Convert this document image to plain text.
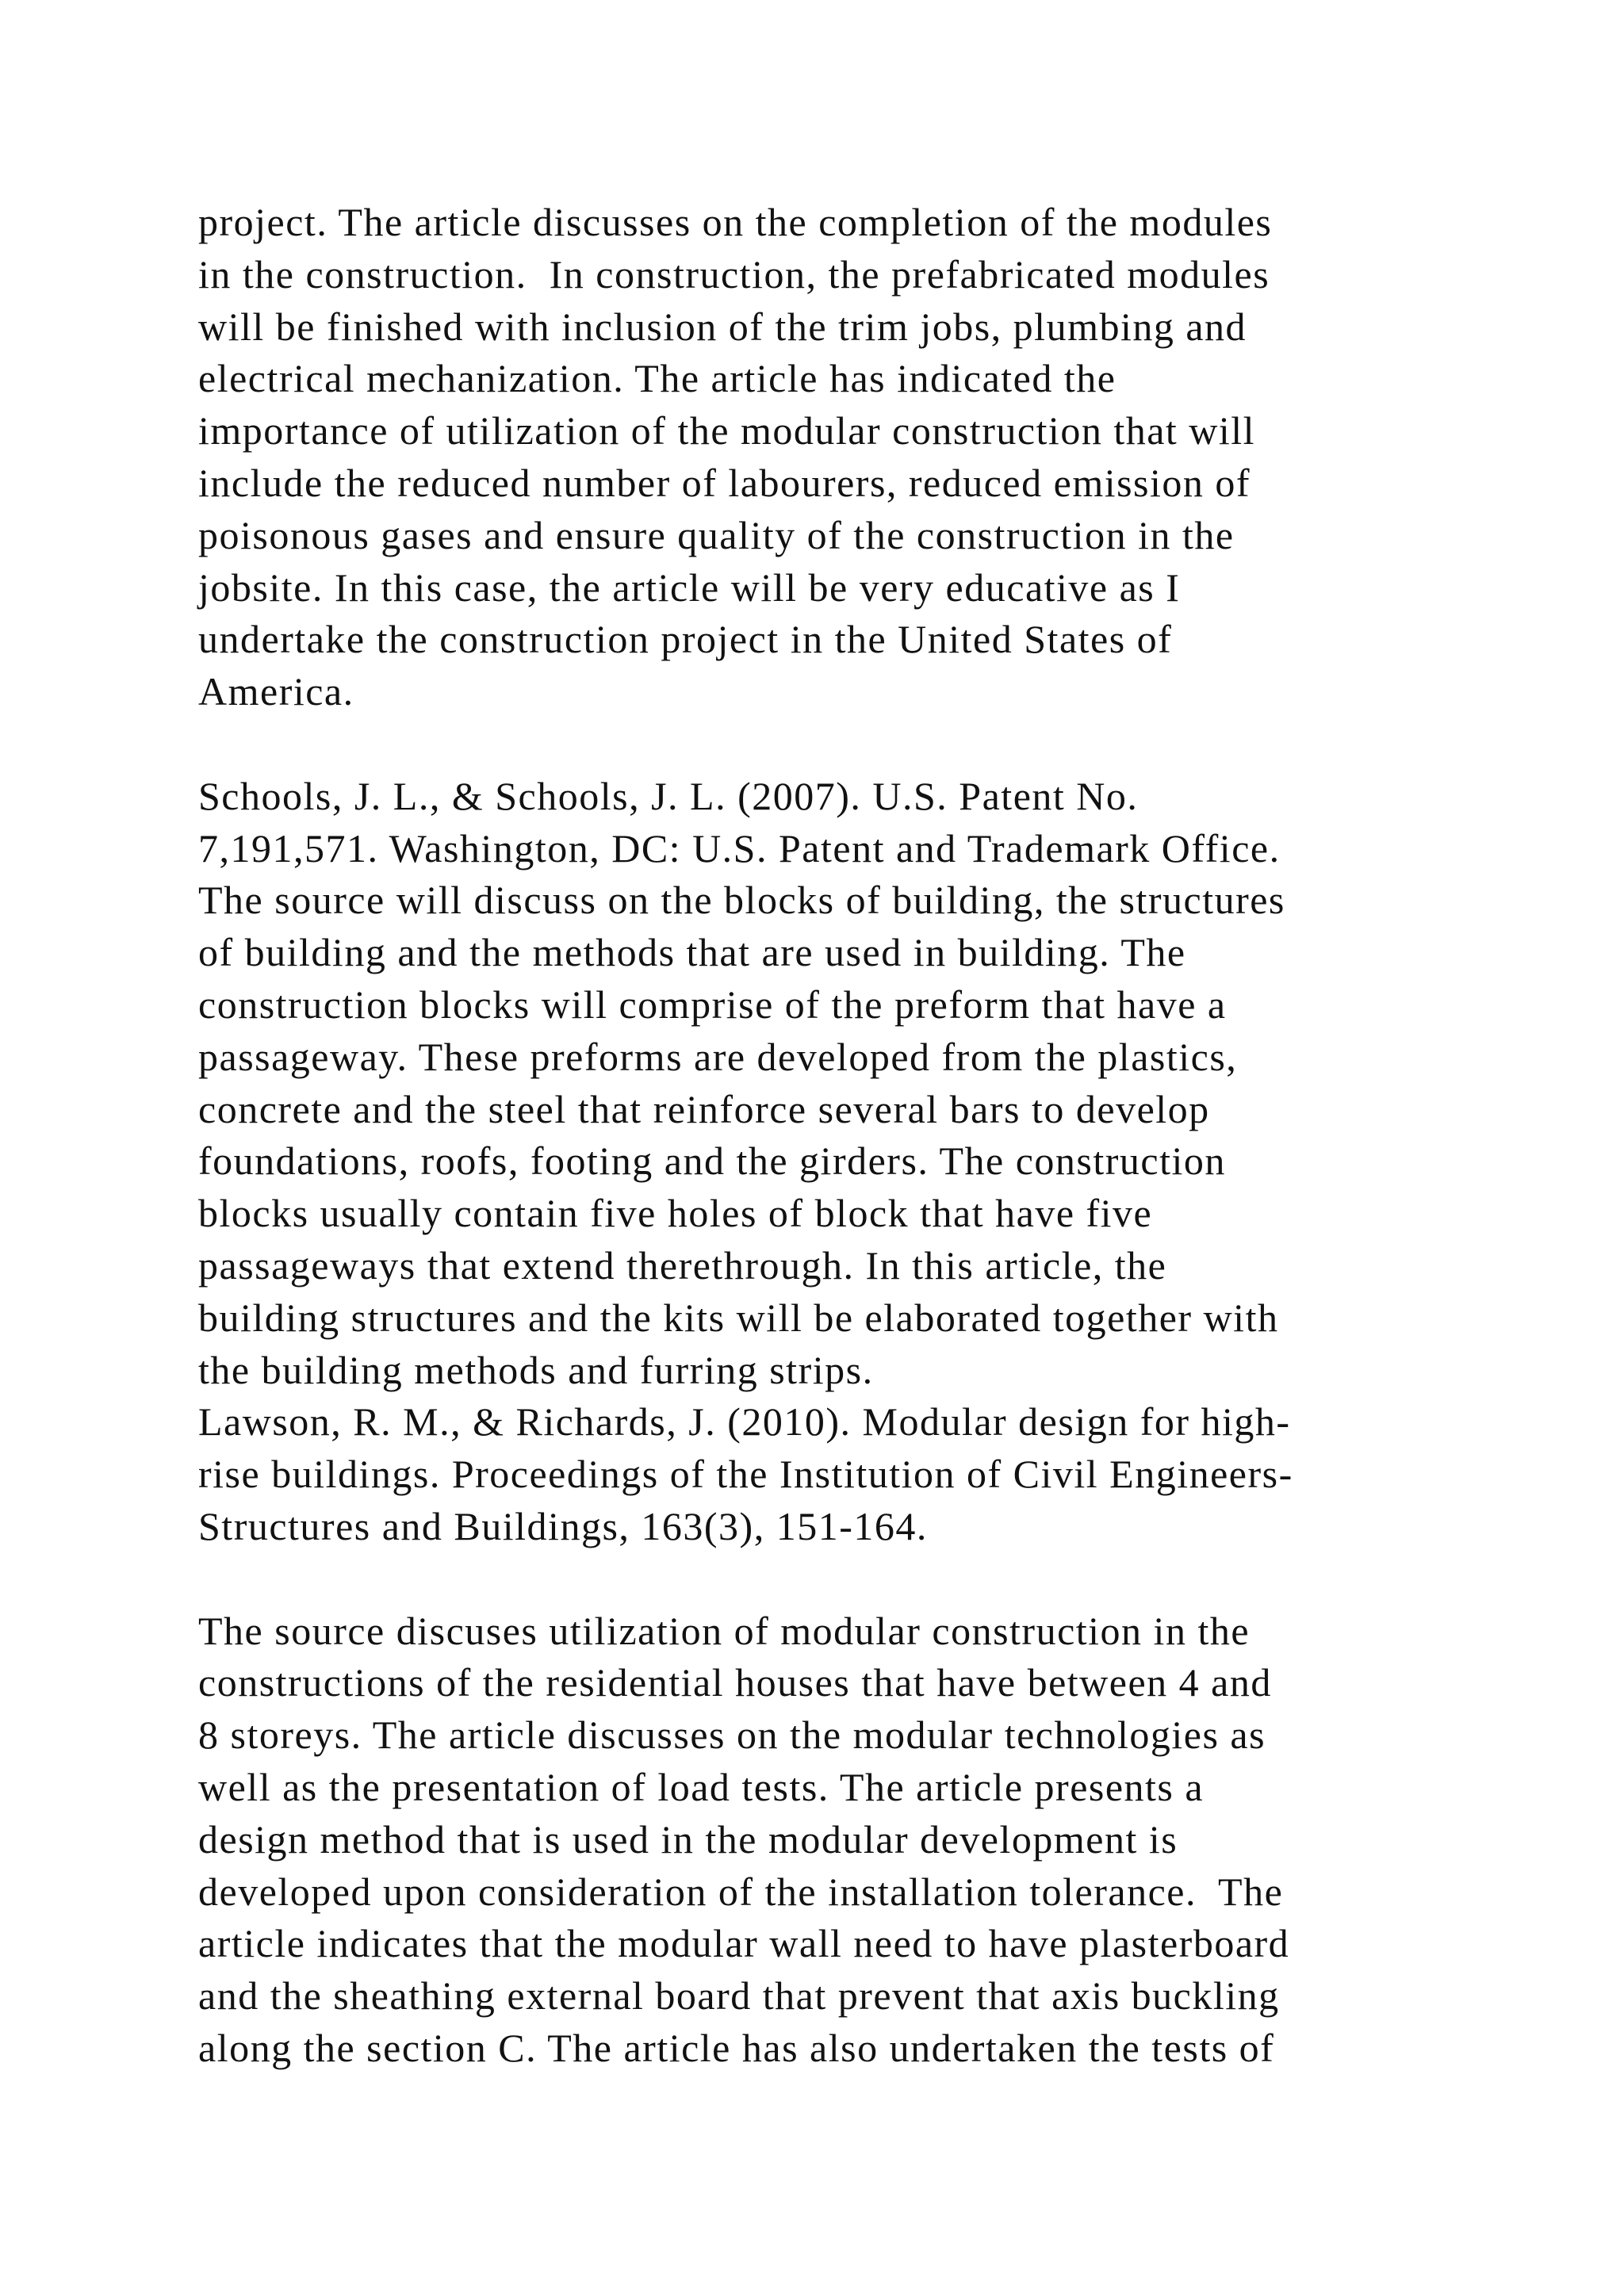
project. The article discusses on the completion of the modules
in the construction.  In construction, the prefabricated modules
will be finished with inclusion of the trim jobs, plumbing and
electrical mechanization. The article has indicated the
importance of utilization of the modular construction that will
include the reduced number of labourers, reduced emission of
poisonous gases and ensure quality of the construction in the
jobsite. In this case, the article will be very educative as I
undertake the construction project in the United States of
America.
Schools, J. L., & Schools, J. L. (2007). U.S. Patent No.
7,191,571. Washington, DC: U.S. Patent and Trademark Office.
The source will discuss on the blocks of building, the structures
of building and the methods that are used in building. The
construction blocks will comprise of the preform that have a
passageway. These preforms are developed from the plastics,
concrete and the steel that reinforce several bars to develop
foundations, roofs, footing and the girders. The construction
blocks usually contain five holes of block that have five
passageways that extend therethrough. In this article, the
building structures and the kits will be elaborated together with
the building methods and furring strips.
Lawson, R. M., & Richards, J. (2010). Modular design for high-
rise buildings. Proceedings of the Institution of Civil Engineers-
Structures and Buildings, 163(3), 151-164.
The source discuses utilization of modular construction in the
constructions of the residential houses that have between 4 and
8 storeys. The article discusses on the modular technologies as
well as the presentation of load tests. The article presents a
design method that is used in the modular development is
developed upon consideration of the installation tolerance.  The
article indicates that the modular wall need to have plasterboard
and the sheathing external board that prevent that axis buckling
along the section C. The article has also undertaken the tests of
